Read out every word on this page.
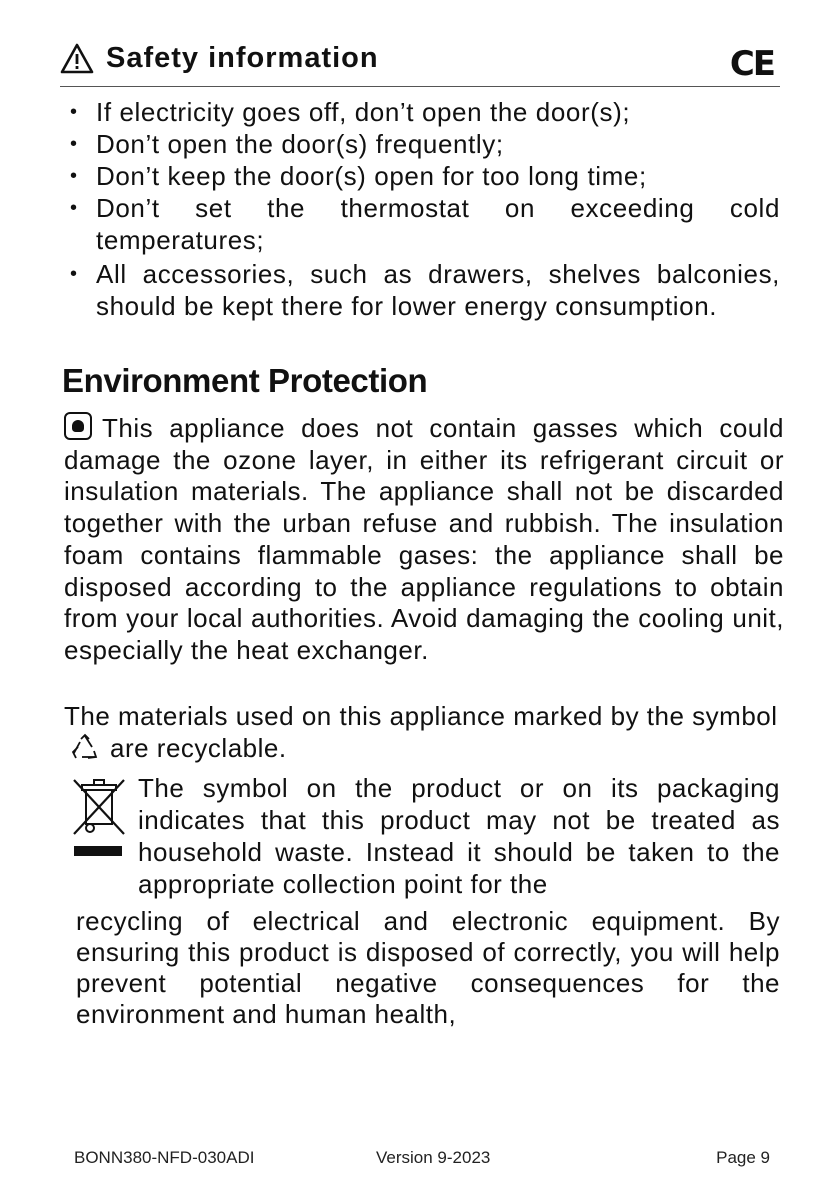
Safety information	CE
• If electricity goes off, don’t open the door(s);
• Don’t open the door(s) frequently;
• Don’t keep the door(s) open for too long time;
• Don’t set the thermostat on exceeding cold temperatures;
• All accessories, such as drawers, shelves balconies, should be kept there for lower energy consumption.
Environment Protection

This appliance does not contain gasses which could damage the ozone layer, in either its refrigerant circuit or insulation materials. The appliance shall not be discarded together with the urban refuse and rubbish. The insulation foam contains flammable gases: the appliance shall be disposed according to the appliance regulations to obtain from your local authorities. Avoid damaging the cooling unit, especially the heat exchanger.

The materials used on this appliance marked by the symbolare recyclable.

The symbol on the product or on its packaging indicates that this product may not be treated as household waste. Instead it should be taken to the appropriate collection point for the

recycling of electrical and electronic equipment. By ensuring this product is disposed of correctly, you will help prevent potential negative consequences for the environment and human health,

BONN380-NFD-030ADI	Version 9-2023	Page 9
